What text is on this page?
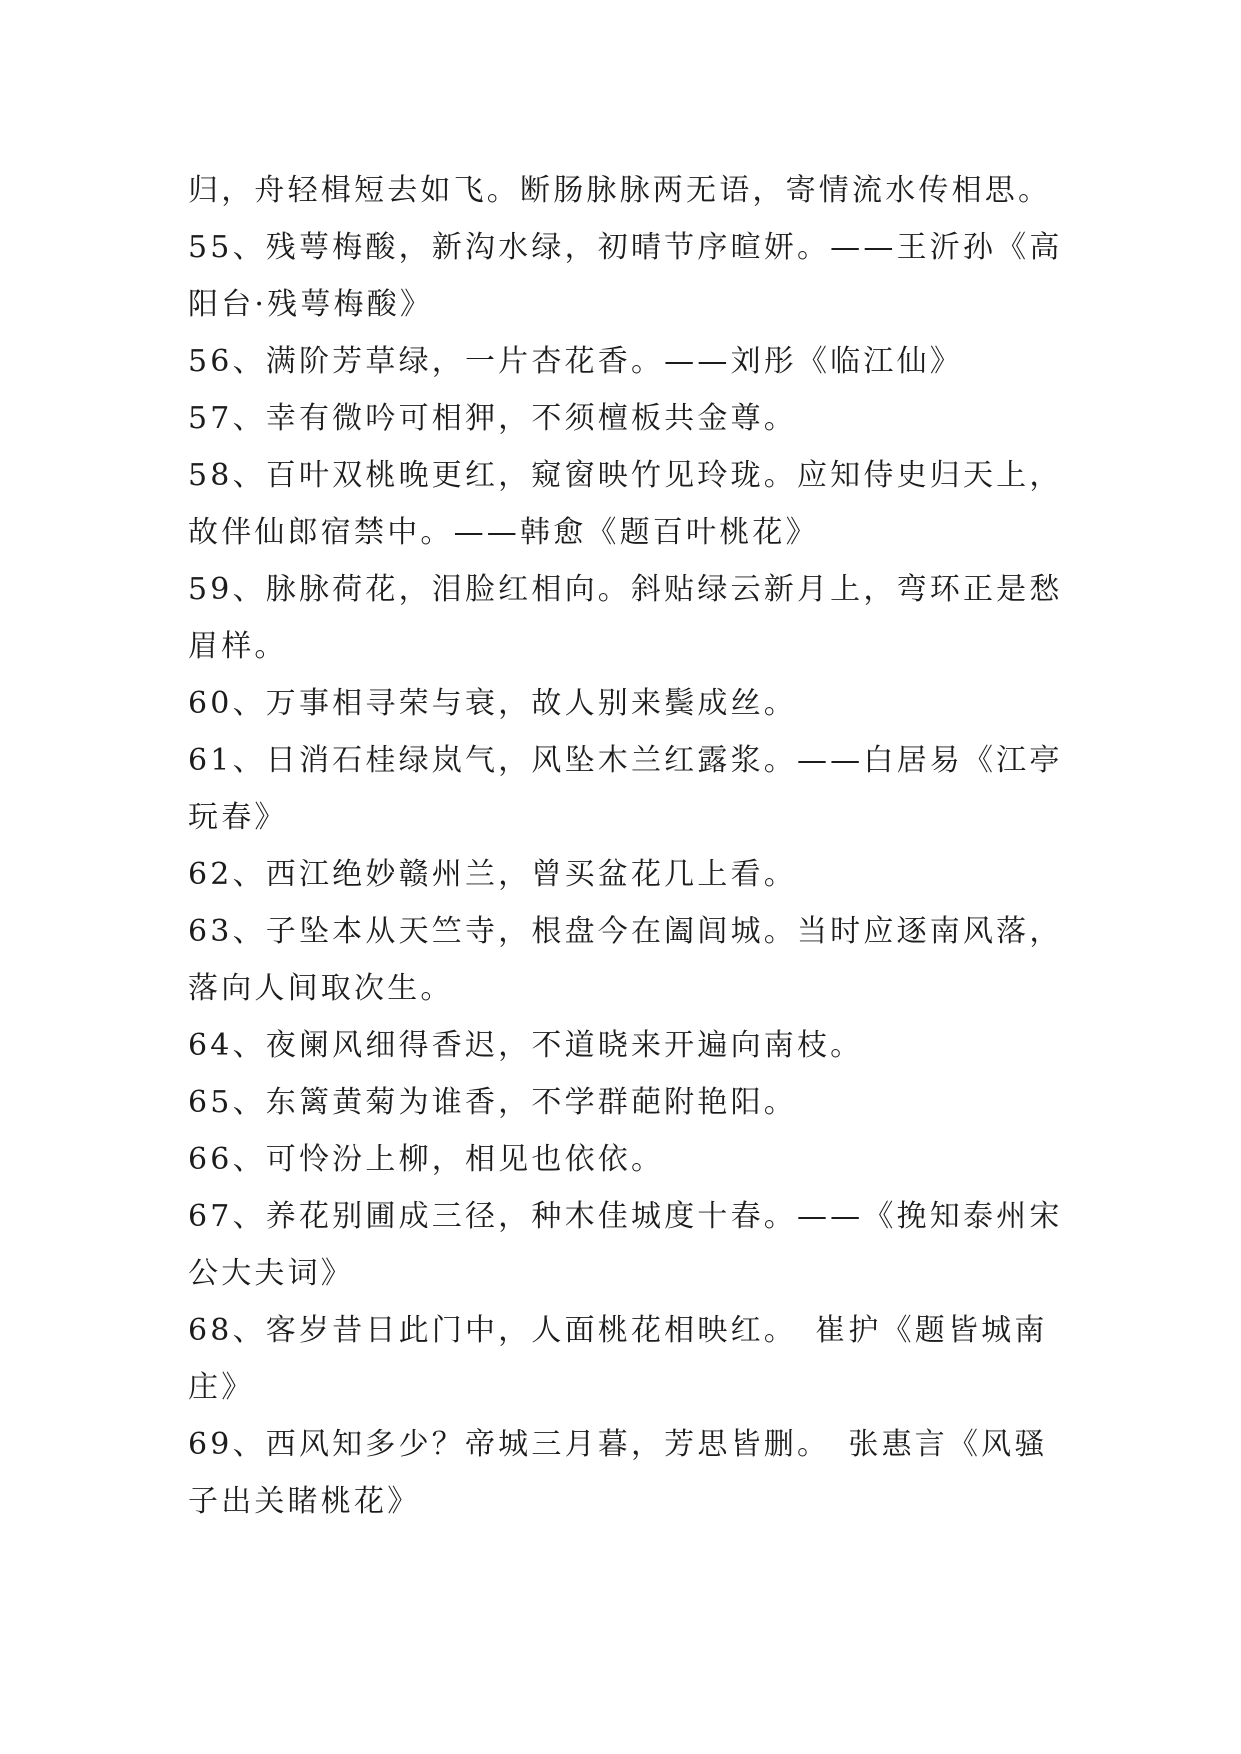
归，舟轻楫短去如飞。断肠脉脉两无语，寄情流水传相思。
55、残萼梅酸，新沟水绿，初晴节序暄妍。——王沂孙《高
阳台·残萼梅酸》
56、满阶芳草绿，一片杏花香。——刘彤《临江仙》
57、幸有微吟可相狎，不须檀板共金尊。
58、百叶双桃晚更红，窥窗映竹见玲珑。应知侍史归天上，
故伴仙郎宿禁中。——韩愈《题百叶桃花》
59、脉脉荷花，泪脸红相向。斜贴绿云新月上，弯环正是愁
眉样。
60、万事相寻荣与衰，故人别来鬓成丝。
61、日消石桂绿岚气，风坠木兰红露浆。——白居易《江亭
玩春》
62、西江绝妙赣州兰，曾买盆花几上看。
63、子坠本从天竺寺，根盘今在阖闾城。当时应逐南风落，
落向人间取次生。
64、夜阑风细得香迟，不道晓来开遍向南枝。
65、东篱黄菊为谁香，不学群葩附艳阳。
66、可怜汾上柳，相见也依依。
67、养花别圃成三径，种木佳城度十春。——《挽知泰州宋
公大夫词》
68、客岁昔日此门中，人面桃花相映红。　崔护《题皆城南
庄》
69、西风知多少？帝城三月暮，芳思皆删。　张惠言《风骚
子出关睹桃花》
